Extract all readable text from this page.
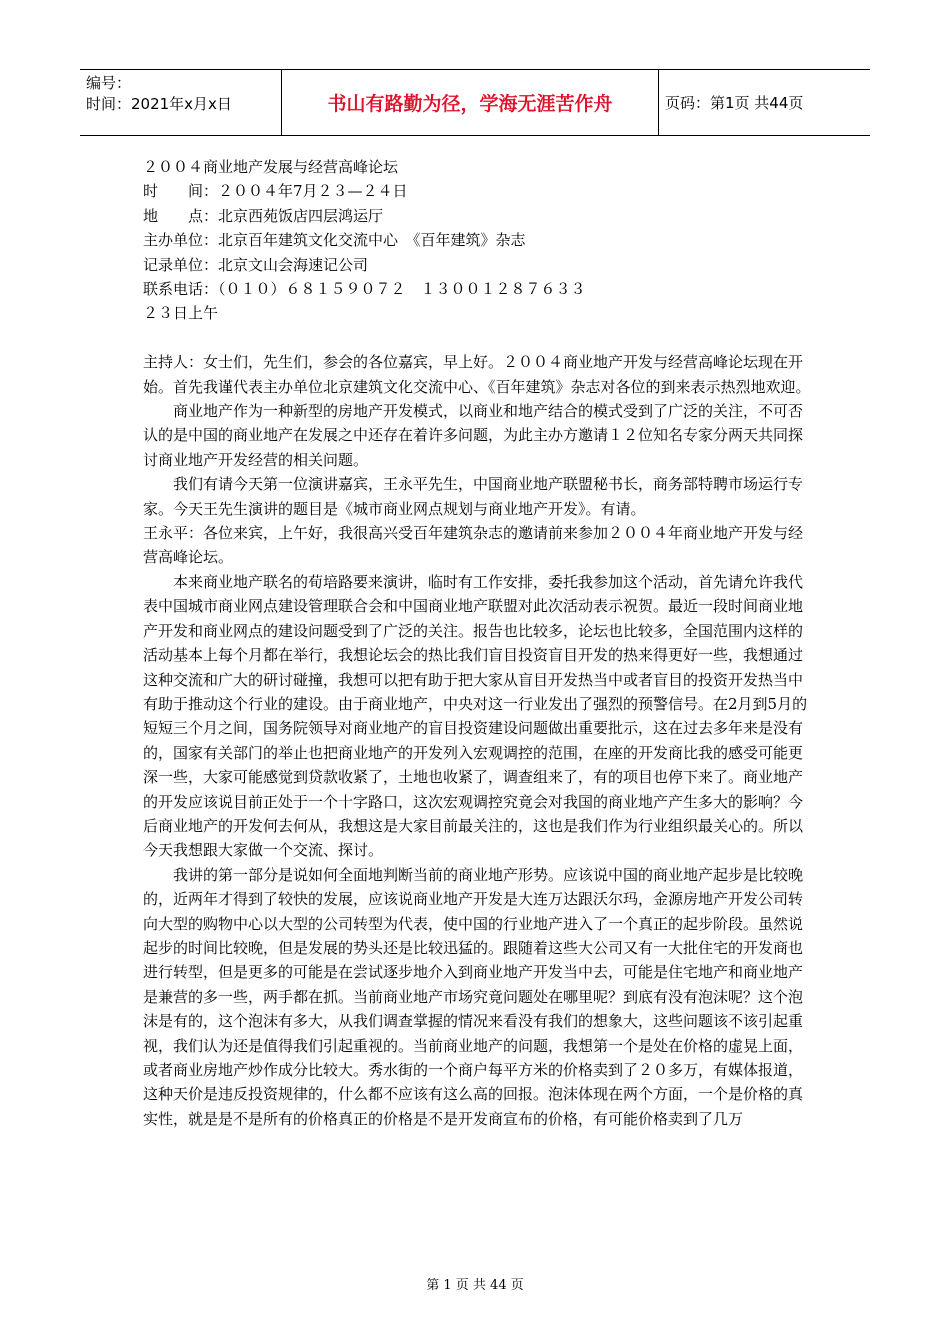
编号：
时间：2021年x月x日	书山有路勤为径，学海无涯苦作舟	页码：第1页 共44页

２００４商业地产发展与经营高峰论坛

时　　间：２００４年7月２３—２４日

地　　点：北京西苑饭店四层鸿运厅

主办单位：北京百年建筑文化交流中心　《百年建筑》杂志

记录单位：北京文山会海速记公司

联系电话：（０１０）６８１５９０７２　１３００１２８７６３３

２３日上午

主持人：女士们，先生们，参会的各位嘉宾，早上好。２００４商业地产开发与经营高峰论坛现在开始。首先我谨代表主办单位北京建筑文化交流中心、《百年建筑》杂志对各位的到来表示热烈地欢迎。

商业地产作为一种新型的房地产开发模式，以商业和地产结合的模式受到了广泛的关注，不可否认的是中国的商业地产在发展之中还存在着许多问题，为此主办方邀请１２位知名专家分两天共同探讨商业地产开发经营的相关问题。

我们有请今天第一位演讲嘉宾，王永平先生，中国商业地产联盟秘书长，商务部特聘市场运行专家。今天王先生演讲的题目是《城市商业网点规划与商业地产开发》。有请。

王永平：各位来宾，上午好，我很高兴受百年建筑杂志的邀请前来参加２００４年商业地产开发与经营高峰论坛。

本来商业地产联名的荀培路要来演讲，临时有工作安排，委托我参加这个活动，首先请允许我代表中国城市商业网点建设管理联合会和中国商业地产联盟对此次活动表示祝贺。最近一段时间商业地产开发和商业网点的建设问题受到了广泛的关注。报告也比较多，论坛也比较多，全国范围内这样的活动基本上每个月都在举行，我想论坛会的热比我们盲目投资盲目开发的热来得更好一些，我想通过这种交流和广大的研讨碰撞，我想可以把有助于把大家从盲目开发热当中或者盲目的投资开发热当中有助于推动这个行业的建设。由于商业地产，中央对这一行业发出了强烈的预警信号。在2月到5月的短短三个月之间，国务院领导对商业地产的盲目投资建设问题做出重要批示，这在过去多年来是没有的，国家有关部门的举止也把商业地产的开发列入宏观调控的范围，在座的开发商比我的感受可能更深一些，大家可能感觉到贷款收紧了，土地也收紧了，调查组来了，有的项目也停下来了。商业地产的开发应该说目前正处于一个十字路口，这次宏观调控究竟会对我国的商业地产产生多大的影响？今后商业地产的开发何去何从，我想这是大家目前最关注的，这也是我们作为行业组织最关心的。所以今天我想跟大家做一个交流、探讨。

我讲的第一部分是说如何全面地判断当前的商业地产形势。应该说中国的商业地产起步是比较晚的，近两年才得到了较快的发展，应该说商业地产开发是大连万达跟沃尔玛，金源房地产开发公司转向大型的购物中心以大型的公司转型为代表，使中国的行业地产进入了一个真正的起步阶段。虽然说起步的时间比较晚，但是发展的势头还是比较迅猛的。跟随着这些大公司又有一大批住宅的开发商也进行转型，但是更多的可能是在尝试逐步地介入到商业地产开发当中去，可能是住宅地产和商业地产是兼营的多一些，两手都在抓。当前商业地产市场究竟问题处在哪里呢？到底有没有泡沫呢？这个泡沫是有的，这个泡沫有多大，从我们调查掌握的情况来看没有我们的想象大，这些问题该不该引起重视，我们认为还是值得我们引起重视的。当前商业地产的问题，我想第一个是处在价格的虚晃上面，或者商业房地产炒作成分比较大。秀水街的一个商户每平方米的价格卖到了２０多万，有媒体报道，这种天价是违反投资规律的，什么都不应该有这么高的回报。泡沫体现在两个方面，一个是价格的真实性，就是是不是所有的价格真正的价格是不是开发商宣布的价格，有可能价格卖到了几万

第 1 页 共 44 页
